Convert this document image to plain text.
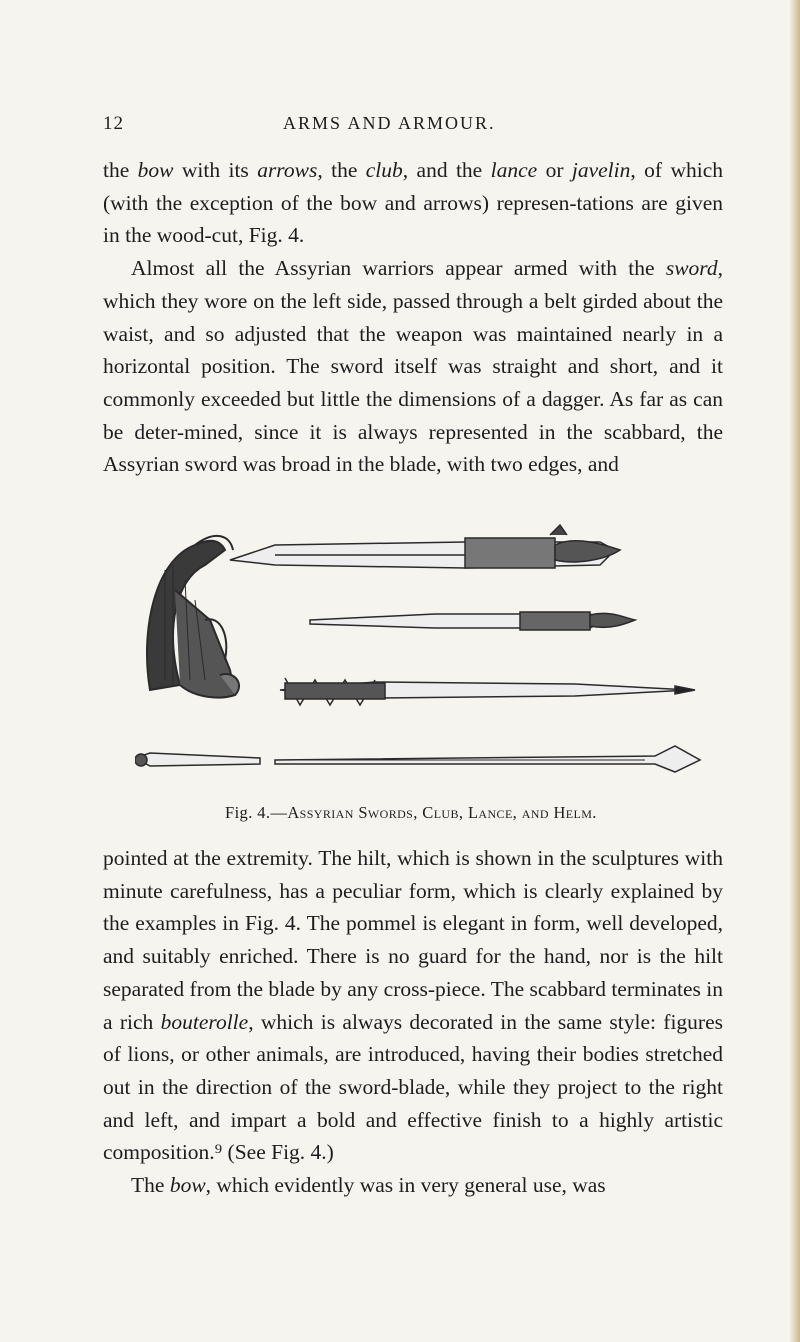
12	ARMS AND ARMOUR.

the bow with its arrows, the club, and the lance or javelin, of which (with the exception of the bow and arrows) represen-tations are given in the wood-cut, Fig. 4.

Almost all the Assyrian warriors appear armed with the sword, which they wore on the left side, passed through a belt girded about the waist, and so adjusted that the weapon was maintained nearly in a horizontal position. The sword itself was straight and short, and it commonly exceeded but little the dimensions of a dagger. As far as can be deter-mined, since it is always represented in the scabbard, the Assyrian sword was broad in the blade, with two edges, and

Fig. 4.—Assyrian Swords, Club, Lance, and Helm.

pointed at the extremity. The hilt, which is shown in the sculptures with minute carefulness, has a peculiar form, which is clearly explained by the examples in Fig. 4. The pommel is elegant in form, well developed, and suitably enriched. There is no guard for the hand, nor is the hilt separated from the blade by any cross-piece. The scabbard terminates in a rich bouterolle, which is always decorated in the same style: figures of lions, or other animals, are introduced, having their bodies stretched out in the direction of the sword-blade, while they project to the right and left, and impart a bold and effective finish to a highly artistic composition.⁹ (See Fig. 4.)

The bow, which evidently was in very general use, was
